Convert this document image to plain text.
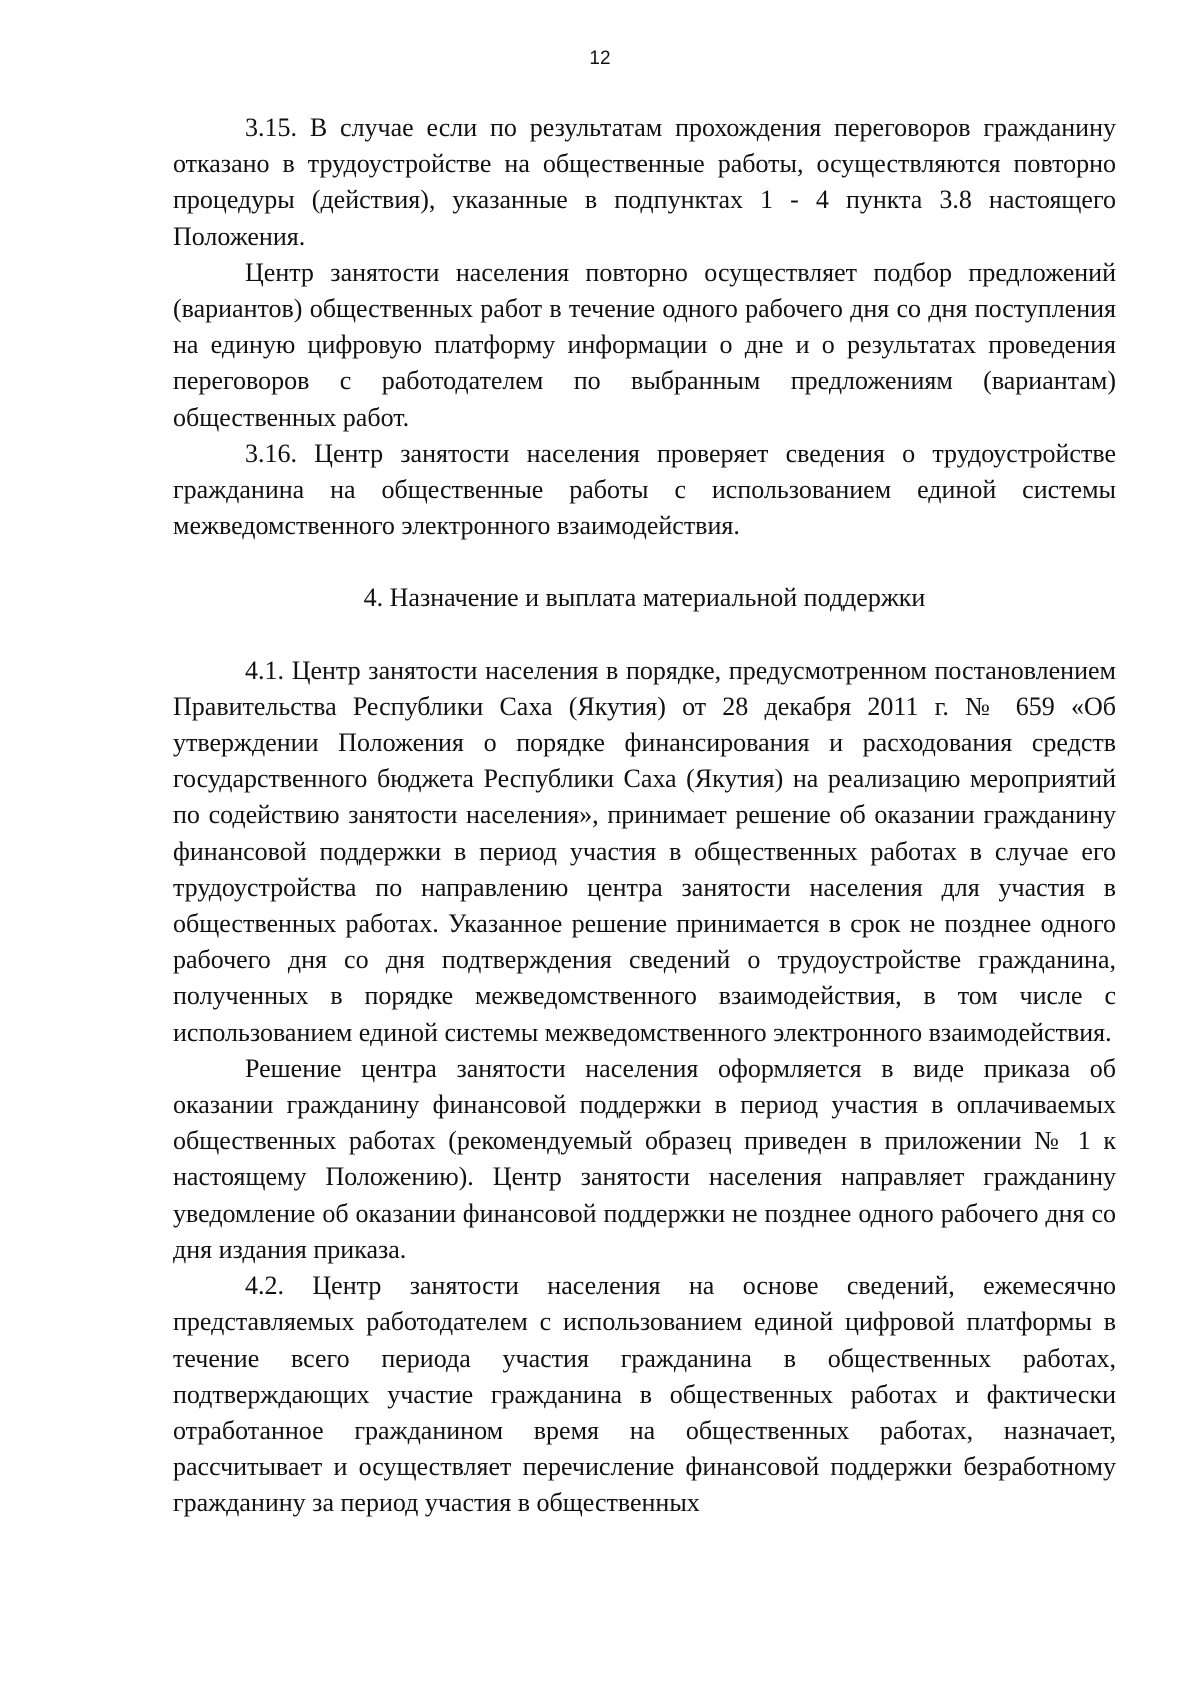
12

3.15. В случае если по результатам прохождения переговоров гражданину отказано в трудоустройстве на общественные работы, осуществляются повторно процедуры (действия), указанные в подпунктах 1 - 4 пункта 3.8 настоящего Положения.

Центр занятости населения повторно осуществляет подбор предложений (вариантов) общественных работ в течение одного рабочего дня со дня поступления на единую цифровую платформу информации о дне и о результатах проведения переговоров с работодателем по выбранным предложениям (вариантам) общественных работ.

3.16. Центр занятости населения проверяет сведения о трудоустройстве гражданина на общественные работы с использованием единой системы межведомственного электронного взаимодействия.

4. Назначение и выплата материальной поддержки

4.1. Центр занятости населения в порядке, предусмотренном постановлением Правительства Республики Саха (Якутия) от 28 декабря 2011 г. № 659 «Об утверждении Положения о порядке финансирования и расходования средств государственного бюджета Республики Саха (Якутия) на реализацию мероприятий по содействию занятости населения», принимает решение об оказании гражданину финансовой поддержки в период участия в общественных работах в случае его трудоустройства по направлению центра занятости населения для участия в общественных работах. Указанное решение принимается в срок не позднее одного рабочего дня со дня подтверждения сведений о трудоустройстве гражданина, полученных в порядке межведомственного взаимодействия, в том числе с использованием единой системы межведомственного электронного взаимодействия.

Решение центра занятости населения оформляется в виде приказа об оказании гражданину финансовой поддержки в период участия в оплачиваемых общественных работах (рекомендуемый образец приведен в приложении № 1 к настоящему Положению). Центр занятости населения направляет гражданину уведомление об оказании финансовой поддержки не позднее одного рабочего дня со дня издания приказа.

4.2. Центр занятости населения на основе сведений, ежемесячно представляемых работодателем с использованием единой цифровой платформы в течение всего периода участия гражданина в общественных работах, подтверждающих участие гражданина в общественных работах и фактически отработанное гражданином время на общественных работах, назначает, рассчитывает и осуществляет перечисление финансовой поддержки безработному гражданину за период участия в общественных
